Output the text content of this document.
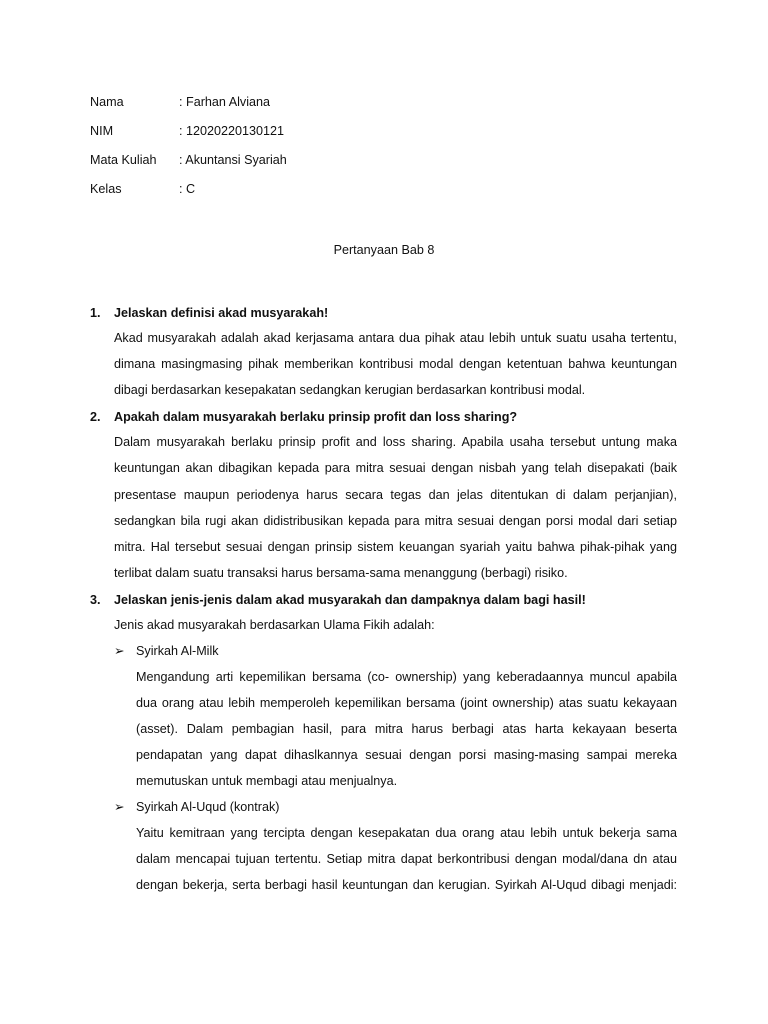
Nama	: Farhan Alviana
NIM	: 12020220130121
Mata Kuliah : Akuntansi Syariah
Kelas	: C
Pertanyaan Bab 8
1. Jelaskan definisi akad musyarakah!
Akad musyarakah adalah akad kerjasama antara dua pihak atau lebih untuk suatu usaha tertentu,
dimana masingmasing pihak memberikan kontribusi modal dengan ketentuan bahwa keuntungan
dibagi berdasarkan kesepakatan sedangkan kerugian berdasarkan kontribusi modal.
2. Apakah dalam musyarakah berlaku prinsip profit dan loss sharing?
Dalam musyarakah berlaku prinsip profit and loss sharing. Apabila usaha tersebut untung maka
keuntungan akan dibagikan kepada para mitra sesuai dengan nisbah yang telah disepakati (baik
presentase maupun periodenya harus secara tegas dan jelas ditentukan di dalam perjanjian),
sedangkan bila rugi akan didistribusikan kepada para mitra sesuai dengan porsi modal dari setiap
mitra. Hal tersebut sesuai dengan prinsip sistem keuangan syariah yaitu bahwa pihak-pihak yang
terlibat dalam suatu transaksi harus bersama-sama menanggung (berbagi) risiko.
3. Jelaskan jenis-jenis dalam akad musyarakah dan dampaknya dalam bagi hasil!
Jenis akad musyarakah berdasarkan Ulama Fikih adalah:
➢ Syirkah Al-Milk
Mengandung arti kepemilikan bersama (co- ownership) yang keberadaannya muncul apabila
dua orang atau lebih memperoleh kepemilikan bersama (joint ownership) atas suatu kekayaan
(asset). Dalam pembagian hasil, para mitra harus berbagi atas harta kekayaan beserta
pendapatan yang dapat dihaslkannya sesuai dengan porsi masing-masing sampai mereka
memutuskan untuk membagi atau menjualnya.
➢ Syirkah Al-Uqud (kontrak)
Yaitu kemitraan yang tercipta dengan kesepakatan dua orang atau lebih untuk bekerja sama
dalam mencapai tujuan tertentu. Setiap mitra dapat berkontribusi dengan modal/dana dn atau
dengan bekerja, serta berbagi hasil keuntungan dan kerugian. Syirkah Al-Uqud dibagi menjadi:
